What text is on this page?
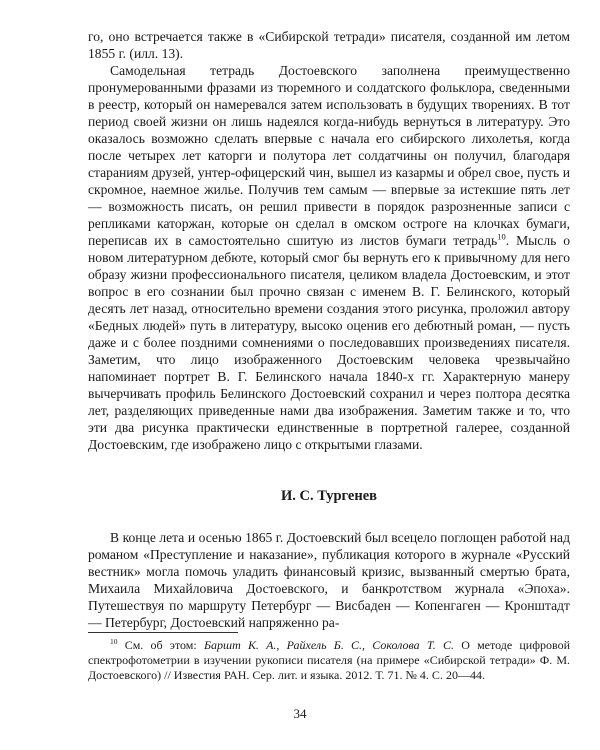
го, оно встречается также в «Сибирской тетради» писателя, созданной им летом 1855 г. (илл. 13).

Самодельная тетрадь Достоевского заполнена преимущественно пронумерованными фразами из тюремного и солдатского фольклора, сведенными в реестр, который он намеревался затем использовать в будущих творениях. В тот период своей жизни он лишь надеялся когда-нибудь вернуться в литературу. Это оказалось возможно сделать впервые с начала его сибирского лихолетья, когда после четырех лет каторги и полутора лет солдатчины он получил, благодаря стараниям друзей, унтер-офицерский чин, вышел из казармы и обрел свое, пусть и скромное, наемное жилье. Получив тем самым — впервые за истекшие пять лет — возможность писать, он решил привести в порядок разрозненные записи с репликами каторжан, которые он сделал в омском остроге на клочках бумаги, переписав их в самостоятельно сшитую из листов бумаги тетрадь$^{10}$. Мысль о новом литературном дебюте, который смог бы вернуть его к привычному для него образу жизни профессионального писателя, целиком владела Достоевским, и этот вопрос в его сознании был прочно связан с именем В. Г. Белинского, который десять лет назад, относительно времени создания этого рисунка, проложил автору «Бедных людей» путь в литературу, высоко оценив его дебютный роман, — пусть даже и с более поздними сомнениями о последовавших произведениях писателя. Заметим, что лицо изображенного Достоевским человека чрезвычайно напоминает портрет В. Г. Белинского начала 1840-х гг. Характерную манеру вычерчивать профиль Белинского Достоевский сохранил и через полтора десятка лет, разделяющих приведенные нами два изображения. Заметим также и то, что эти два рисунка практически единственные в портретной галерее, созданной Достоевским, где изображено лицо с открытыми глазами.

И. С. Тургенев

В конце лета и осенью 1865 г. Достоевский был всецело поглощен работой над романом «Преступление и наказание», публикация которого в журнале «Русский вестник» могла помочь уладить финансовый кризис, вызванный смертью брата, Михаила Михайловича Достоевского, и банкротством журнала «Эпоха». Путешествуя по маршруту Петербург — Висбаден — Копенгаген — Кронштадт — Петербург, Достоевский напряженно ра-

$^{10}$ См. об этом: Баршт К. А., Райхель Б. С., Соколова Т. С. О методе цифровой спектрофотометрии в изучении рукописи писателя (на примере «Сибирской тетради» Ф. М. Достоевского) // Известия РАН. Сер. лит. и языка. 2012. Т. 71. № 4. С. 20—44.

34
